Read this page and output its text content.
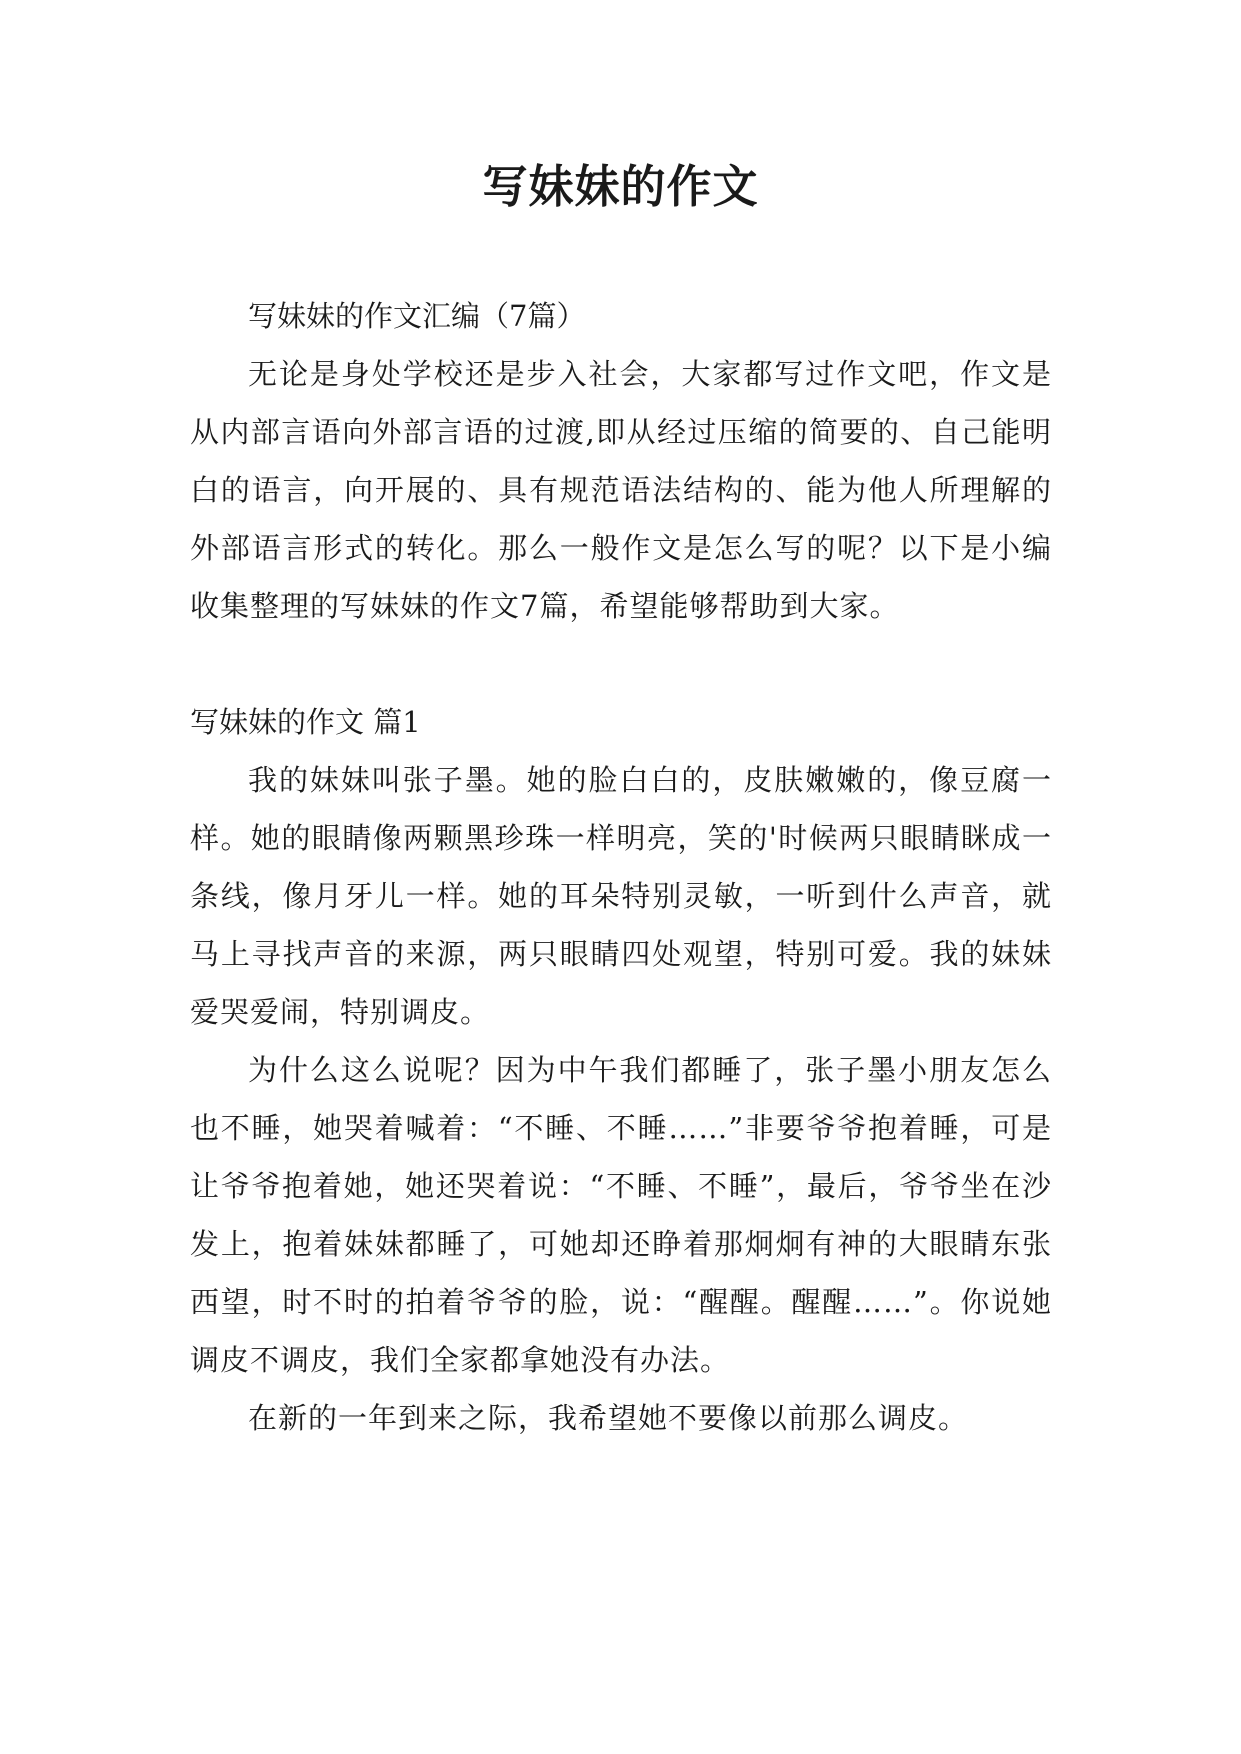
写妹妹的作文

写妹妹的作文汇编（7篇）

无论是身处学校还是步入社会，大家都写过作文吧，作文是从内部言语向外部言语的过渡,即从经过压缩的简要的、自己能明白的语言，向开展的、具有规范语法结构的、能为他人所理解的外部语言形式的转化。那么一般作文是怎么写的呢？以下是小编收集整理的写妹妹的作文7篇，希望能够帮助到大家。

写妹妹的作文 篇1

我的妹妹叫张子墨。她的脸白白的，皮肤嫩嫩的，像豆腐一样。她的眼睛像两颗黑珍珠一样明亮，笑的'时候两只眼睛眯成一条线，像月牙儿一样。她的耳朵特别灵敏，一听到什么声音，就马上寻找声音的来源，两只眼睛四处观望，特别可爱。我的妹妹爱哭爱闹，特别调皮。

为什么这么说呢？因为中午我们都睡了，张子墨小朋友怎么也不睡，她哭着喊着：“不睡、不睡……”非要爷爷抱着睡，可是让爷爷抱着她，她还哭着说：“不睡、不睡”，最后，爷爷坐在沙发上，抱着妹妹都睡了，可她却还睁着那炯炯有神的大眼睛东张西望，时不时的拍着爷爷的脸，说：“醒醒。醒醒……”。你说她调皮不调皮，我们全家都拿她没有办法。

在新的一年到来之际，我希望她不要像以前那么调皮。
